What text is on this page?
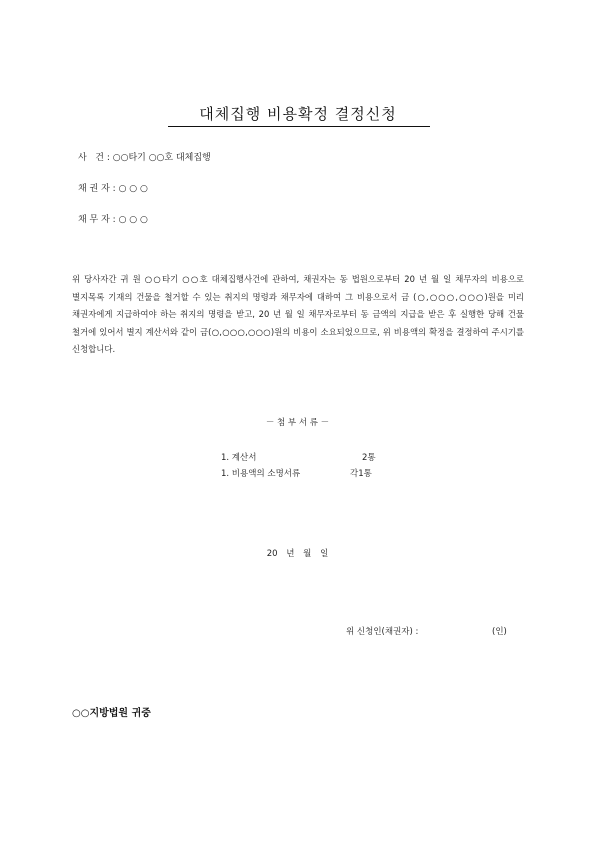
대체집행 비용확정 결정신청
사   건 : ○○타기 ○○호 대체집행
채 권 자 : ○ ○ ○
채 무 자 : ○ ○ ○
위 당사자간 귀 원 ○○타기 ○○호 대체집행사건에 관하여, 채권자는 동 법원으로부터 20 년 월 일 채무자의 비용으로 별지목록 기재의 건물을 철거할 수 있는 취지의 명령과 채무자에 대하여 그 비용으로서 금 (○,○○○,○○○)원을 미리 채권자에게 지급하여야 하는 취지의 명령을 받고, 20 년 월 일 채무자로부터 동 금액의 지급을 받은 후 실행한 당해 건물 철거에 있어서 별지 계산서와 같이 금(○,○○○,○○○)원의 비용이 소요되었으므로, 위 비용액의 확정을 결정하여 주시기를 신청합니다.
－ 첨 부 서 류 －
1. 계산서	2통
1. 비용액의 소명서류	각1통
20 년 월 일
위 신청인(채권자) :	(인)
○○지방법원 귀중
